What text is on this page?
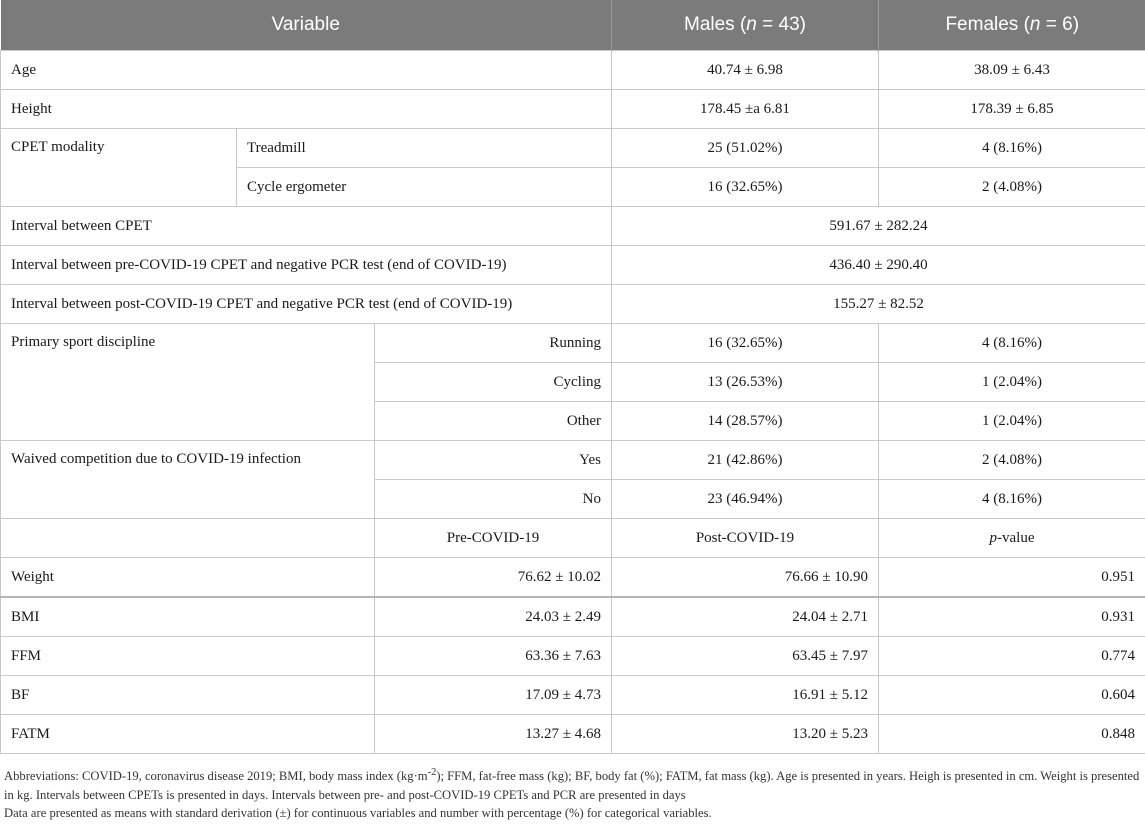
Variable			Males (n = 43)	Females (n = 6)
Age			40.74 ± 6.98	38.09 ± 6.43
Height			178.45 ±a 6.81	178.39 ± 6.85
CPET modality	Treadmill		25 (51.02%)	4 (8.16%)
	Cycle ergometer		16 (32.65%)	2 (4.08%)
Interval between CPET			591.67 ± 282.24	
Interval between pre-COVID-19 CPET and negative PCR test (end of COVID-19)			436.40 ± 290.40	
Interval between post-COVID-19 CPET and negative PCR test (end of COVID-19)			155.27 ± 82.52	
Primary sport discipline		Running	16 (32.65%)	4 (8.16%)
		Cycling	13 (26.53%)	1 (2.04%)
		Other	14 (28.57%)	1 (2.04%)
Waived competition due to COVID-19 infection		Yes	21 (42.86%)	2 (4.08%)
		No	23 (46.94%)	4 (8.16%)
		Pre-COVID-19	Post-COVID-19	p-value
Weight		76.62 ± 10.02	76.66 ± 10.90	0.951
BMI		24.03 ± 2.49	24.04 ± 2.71	0.931
FFM		63.36 ± 7.63	63.45 ± 7.97	0.774
BF		17.09 ± 4.73	16.91 ± 5.12	0.604
FATM		13.27 ± 4.68	13.20 ± 5.23	0.848

Abbreviations: COVID-19, coronavirus disease 2019; BMI, body mass index $(kg\cdot m^{-2})$; FFM, fat-free mass (kg); BF, body fat (%); FATM, fat mass (kg). Age is presented in years. Heigh is presented in cm. Weight is presented in kg. Intervals between CPETs is presented in days. Intervals between pre- and post-COVID-19 CPETs and PCR are presented in days

Data are presented as means with standard derivation (±) for continuous variables and number with percentage (%) for categorical variables.
